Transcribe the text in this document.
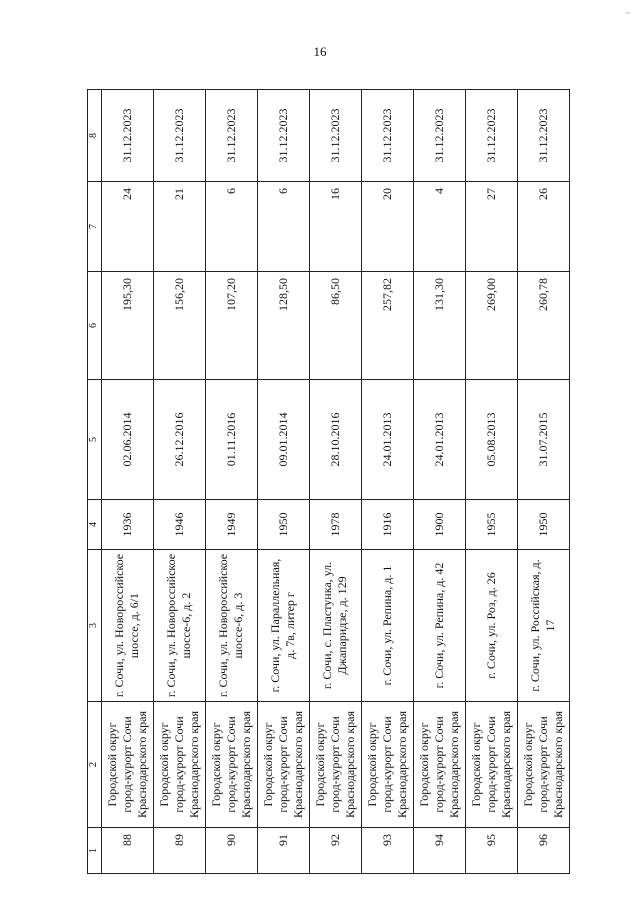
~
16
1	2	3	4	5	6	7	8
88	Городской округ город-курорт Сочи Краснодарского края	г. Сочи, ул. Новороссийское шоссе, д. 6/1	1936	02.06.2014	195,30	24	31.12.2023
89	Городской округ город-курорт Сочи Краснодарского края	г. Сочи, ул. Новороссийское шоссе-6, д. 2	1946	26.12.2016	156,20	21	31.12.2023
90	Городской округ город-курорт Сочи Краснодарского края	г. Сочи, ул. Новороссийское шоссе-6, д. 3	1949	01.11.2016	107,20	6	31.12.2023
91	Городской округ город-курорт Сочи Краснодарского края	г. Сочи, ул. Параллельная, д. 7в, литер г	1950	09.01.2014	128,50	6	31.12.2023
92	Городской округ город-курорт Сочи Краснодарского края	г. Сочи, с. Пластунка, ул. Джапаридзе, д. 129	1978	28.10.2016	86,50	16	31.12.2023
93	Городской округ город-курорт Сочи Краснодарского края	г. Сочи, ул. Репина, д. 1	1916	24.01.2013	257,82	20	31.12.2023
94	Городской округ город-курорт Сочи Краснодарского края	г. Сочи, ул. Репина, д. 42	1900	24.01.2013	131,30	4	31.12.2023
95	Городской округ город-курорт Сочи Краснодарского края	г. Сочи, ул. Роз, д. 26	1955	05.08.2013	269,00	27	31.12.2023
96	Городской округ город-курорт Сочи Краснодарского края	г. Сочи, ул. Российская, д. 17	1950	31.07.2015	260,78	26	31.12.2023
